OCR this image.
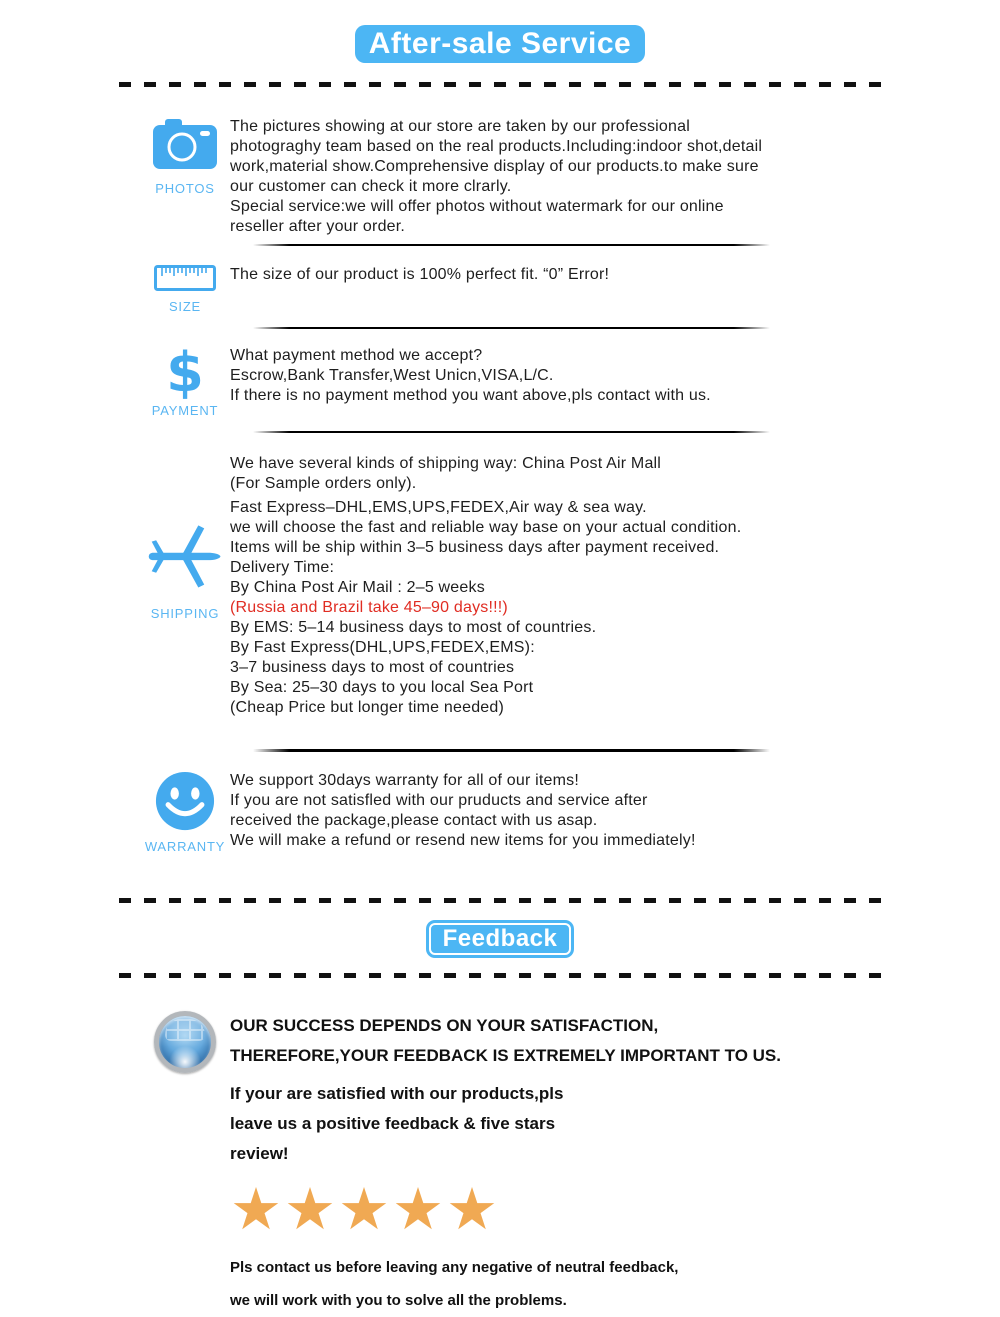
After-sale Service
PHOTOS
The pictures showing at our store are taken by our professional
photograghy team based on the real products.Including:indoor shot,detail
work,material show.Comprehensive display of our products.to make sure
our customer can check it more clrarly.
Special service:we will offer photos without watermark for our online
reseller after your order.
SIZE
The size of our product is 100% perfect fit. “0” Error!
$
PAYMENT
What payment method we accept?
Escrow,Bank Transfer,West Unicn,VISA,L/C.
If there is no payment method you want above,pls contact with us.
SHIPPING
We have several kinds of shipping way: China Post Air Mall
(For Sample orders only).
Fast Express–DHL,EMS,UPS,FEDEX,Air way & sea way.
we will choose the fast and reliable way base on your actual condition.
Items will be ship within 3–5 business days after payment received.
Delivery Time:
By China Post Air Mail : 2–5 weeks
(Russia and Brazil take 45–90 days!!!)
By EMS: 5–14 business days to most of countries.
By Fast Express(DHL,UPS,FEDEX,EMS):
3–7 business days to most of countries
By Sea: 25–30 days to you local Sea Port
(Cheap Price but longer time needed)
WARRANTY
We support 30days warranty for all of our items!
If you are not satisfled with our pruducts and service after
received the package,please contact with us asap.
We will make a refund or resend new items for you immediately!
Feedback
OUR SUCCESS DEPENDS ON YOUR SATISFACTION,
THEREFORE,YOUR FEEDBACK IS EXTREMELY IMPORTANT TO US.
If your are satisfied with our products,pls
leave us a positive feedback & five stars
review!
★★★★★
Pls contact us before leaving any negative of neutral feedback,
we will work with you to solve all the problems.
